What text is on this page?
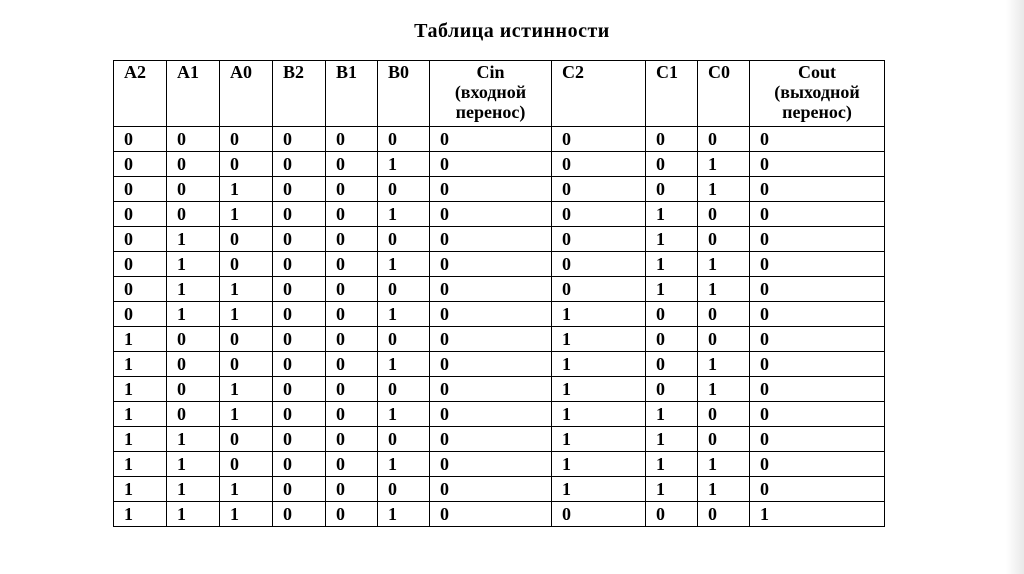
Таблица истинности
A2	A1	A0	B2	B1	B0	Cin
(входной
перенос)	C2	C1	C0	Cout
(выходной
перенос)
0	0	0	0	0	0	0	0	0	0	0
0	0	0	0	0	1	0	0	0	1	0
0	0	1	0	0	0	0	0	0	1	0
0	0	1	0	0	1	0	0	1	0	0
0	1	0	0	0	0	0	0	1	0	0
0	1	0	0	0	1	0	0	1	1	0
0	1	1	0	0	0	0	0	1	1	0
0	1	1	0	0	1	0	1	0	0	0
1	0	0	0	0	0	0	1	0	0	0
1	0	0	0	0	1	0	1	0	1	0
1	0	1	0	0	0	0	1	0	1	0
1	0	1	0	0	1	0	1	1	0	0
1	1	0	0	0	0	0	1	1	0	0
1	1	0	0	0	1	0	1	1	1	0
1	1	1	0	0	0	0	1	1	1	0
1	1	1	0	0	1	0	0	0	0	1
